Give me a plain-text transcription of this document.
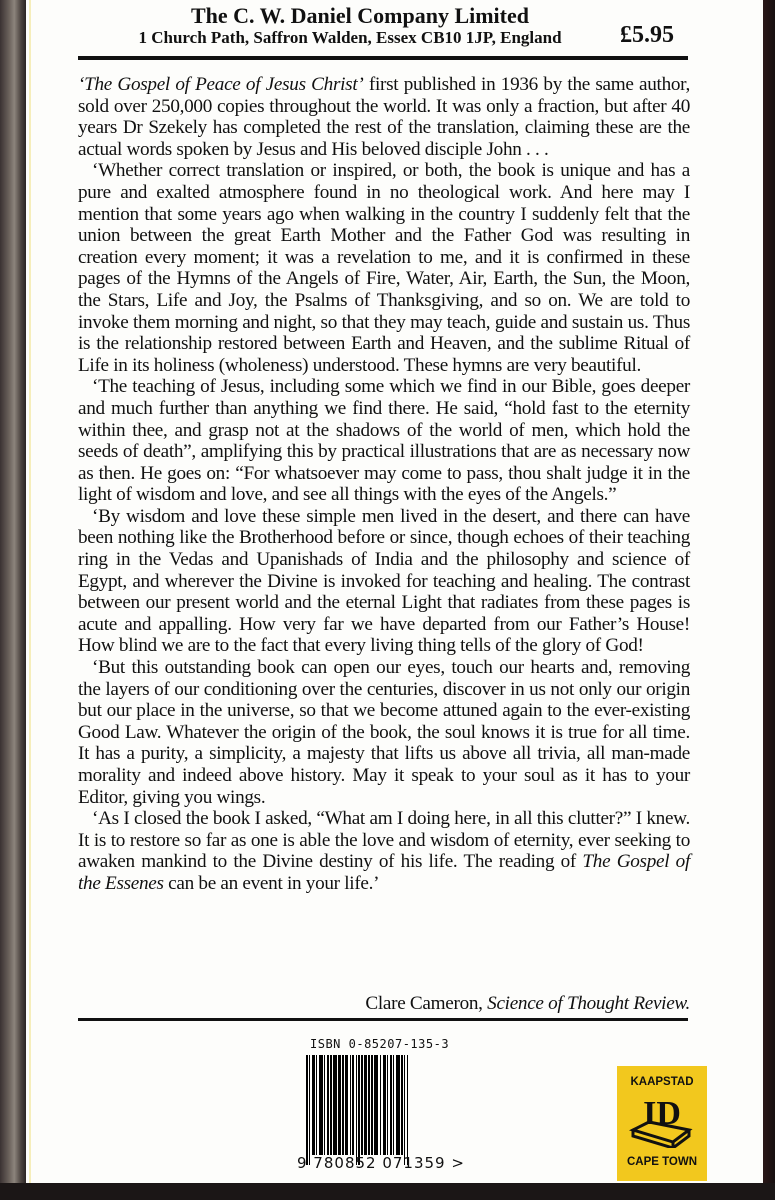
The C. W. Daniel Company Limited
1 Church Path, Saffron Walden, Essex CB10 1JP, England	£5.95

‘The Gospel of Peace of Jesus Christ’ first published in 1936 by the same author, sold over 250,000 copies throughout the world. It was only a fraction, but after 40 years Dr Szekely has completed the rest of the translation, claiming these are the actual words spoken by Jesus and His beloved disciple John . . .

‘Whether correct translation or inspired, or both, the book is unique and has a pure and exalted atmosphere found in no theological work. And here may I mention that some years ago when walking in the country I suddenly felt that the union between the great Earth Mother and the Father God was resulting in creation every moment; it was a revelation to me, and it is confirmed in these pages of the Hymns of the Angels of Fire, Water, Air, Earth, the Sun, the Moon, the Stars, Life and Joy, the Psalms of Thanksgiving, and so on. We are told to invoke them morning and night, so that they may teach, guide and sustain us. Thus is the relationship restored between Earth and Heaven, and the sublime Ritual of Life in its holiness (wholeness) understood. These hymns are very beautiful.

‘The teaching of Jesus, including some which we find in our Bible, goes deeper and much further than anything we find there. He said, “hold fast to the eternity within thee, and grasp not at the shadows of the world of men, which hold the seeds of death”, amplifying this by practical illustrations that are as necessary now as then. He goes on: “For whatsoever may come to pass, thou shalt judge it in the light of wisdom and love, and see all things with the eyes of the Angels.”

‘By wisdom and love these simple men lived in the desert, and there can have been nothing like the Brotherhood before or since, though echoes of their teaching ring in the Vedas and Upanishads of India and the philosophy and science of Egypt, and wherever the Divine is invoked for teaching and healing. The contrast between our present world and the eternal Light that radiates from these pages is acute and appalling. How very far we have departed from our Father’s House! How blind we are to the fact that every living thing tells of the glory of God!

‘But this outstanding book can open our eyes, touch our hearts and, removing the layers of our conditioning over the centuries, discover in us not only our origin but our place in the universe, so that we become attuned again to the ever-existing Good Law. Whatever the origin of the book, the soul knows it is true for all time. It has a purity, a simplicity, a majesty that lifts us above all trivia, all man-made morality and indeed above history. May it speak to your soul as it has to your Editor, giving you wings.

‘As I closed the book I asked, “What am I doing here, in all this clutter?” I knew. It is to restore so far as one is able the love and wisdom of eternity, ever seeking to awaken mankind to the Divine destiny of his life. The reading of The Gospel of the Essenes can be an event in your life.’

Clare Cameron, Science of Thought Review.
ISBN 0-85207-135-3
9 780852 071359 >
KAAPSTAD
ID
CAPE TOWN
